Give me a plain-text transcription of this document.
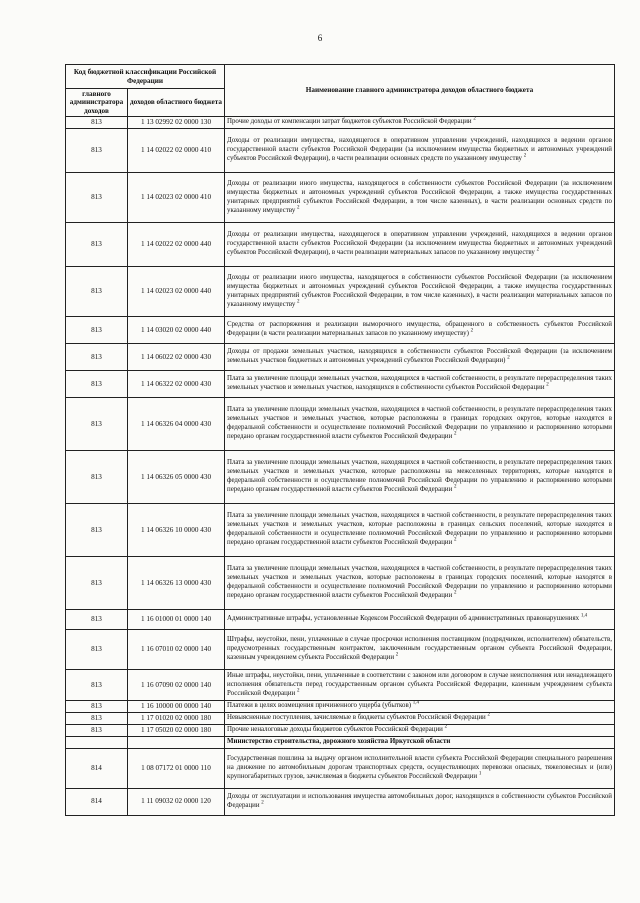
6
Код бюджетной классификации Российской Федерации		Наименование главного администратора доходов областного бюджета
главного администратора доходов	доходов областного бюджета	
813	1 13 02992 02 0000 130	Прочие доходы от компенсации затрат бюджетов субъектов Российской Федерации $^2$
813	1 14 02022 02 0000 410	Доходы от реализации имущества, находящегося в оперативном управлении учреждений, находящихся в ведении органов государственной власти субъектов Российской Федерации (за исключением имущества бюджетных и автономных учреждений субъектов Российской Федерации), в части реализации основных средств по указанному имуществу $^2$
813	1 14 02023 02 0000 410	Доходы от реализации иного имущества, находящегося в собственности субъектов Российской Федерации (за исключением имущества бюджетных и автономных учреждений субъектов Российской Федерации, а также имущества государственных унитарных предприятий субъектов Российской Федерации, в том числе казенных), в части реализации основных средств по указанному имуществу $^2$
813	1 14 02022 02 0000 440	Доходы от реализации имущества, находящегося в оперативном управлении учреждений, находящихся в ведении органов государственной власти субъектов Российской Федерации (за исключением имущества бюджетных и автономных учреждений субъектов Российской Федерации), в части реализации материальных запасов по указанному имуществу $^2$
813	1 14 02023 02 0000 440	Доходы от реализации иного имущества, находящегося в собственности субъектов Российской Федерации (за исключением имущества бюджетных и автономных учреждений субъектов Российской Федерации, а также имущества государственных унитарных предприятий субъектов Российской Федерации, в том числе казенных), в части реализации материальных запасов по указанному имуществу $^2$
813	1 14 03020 02 0000 440	Средства от распоряжения и реализации выморочного имущества, обращенного в собственность субъектов Российской Федерации (в части реализации материальных запасов по указанному имуществу) $^2$
813	1 14 06022 02 0000 430	Доходы от продажи земельных участков, находящихся в собственности субъектов Российской Федерации (за исключением земельных участков бюджетных и автономных учреждений субъектов Российской Федерации) $^2$
813	1 14 06322 02 0000 430	Плата за увеличение площади земельных участков, находящихся в частной собственности, в результате перераспределения таких земельных участков и земельных участков, находящихся в собственности субъектов Российской Федерации $^2$
813	1 14 06326 04 0000 430	Плата за увеличение площади земельных участков, находящихся в частной собственности, в результате перераспределения таких земельных участков и земельных участков, которые расположены в границах городских округов, которые находятся в федеральной собственности и осуществление полномочий Российской Федерации по управлению и распоряжению которыми передано органам государственной власти субъектов Российской Федерации $^2$
813	1 14 06326 05 0000 430	Плата за увеличение площади земельных участков, находящихся в частной собственности, в результате перераспределения таких земельных участков и земельных участков, которые расположены на межселенных территориях, которые находятся в федеральной собственности и осуществление полномочий Российской Федерации по управлению и распоряжению которыми передано органам государственной власти субъектов Российской Федерации $^2$
813	1 14 06326 10 0000 430	Плата за увеличение площади земельных участков, находящихся в частной собственности, в результате перераспределения таких земельных участков и земельных участков, которые расположены в границах сельских поселений, которые находятся в федеральной собственности и осуществление полномочий Российской Федерации по управлению и распоряжению которыми передано органам государственной власти субъектов Российской Федерации $^2$
813	1 14 06326 13 0000 430	Плата за увеличение площади земельных участков, находящихся в частной собственности, в результате перераспределения таких земельных участков и земельных участков, которые расположены в границах городских поселений, которые находятся в федеральной собственности и осуществление полномочий Российской Федерации по управлению и распоряжению которыми передано органам государственной власти субъектов Российской Федерации $^2$
813	1 16 01000 01 0000 140	Административные штрафы, установленные Кодексом Российской Федерации об административных правонарушениях $^{1,4}$
813	1 16 07010 02 0000 140	Штрафы, неустойки, пени, уплаченные в случае просрочки исполнения поставщиком (подрядчиком, исполнителем) обязательств, предусмотренных государственным контрактом, заключенным государственным органом субъекта Российской Федерации, казенным учреждением субъекта Российской Федерации $^2$
813	1 16 07090 02 0000 140	Иные штрафы, неустойки, пени, уплаченные в соответствии с законом или договором в случае неисполнения или ненадлежащего исполнения обязательств перед государственным органом субъекта Российской Федерации, казенным учреждением субъекта Российской Федерации $^2$
813	1 16 10000 00 0000 140	Платежи в целях возмещения причиненного ущерба (убытков) $^{1,4}$
813	1 17 01020 02 0000 180	Невыясненные поступления, зачисляемые в бюджеты субъектов Российской Федерации $^2$
813	1 17 05020 02 0000 180	Прочие неналоговые доходы бюджетов субъектов Российской Федерации $^2$
		Министерство строительства, дорожного хозяйства Иркутской области
814	1 08 07172 01 0000 110	Государственная пошлина за выдачу органом исполнительной власти субъекта Российской Федерации специального разрешения на движение по автомобильным дорогам транспортных средств, осуществляющих перевозки опасных, тяжеловесных и (или) крупногабаритных грузов, зачисляемая в бюджеты субъектов Российской Федерации $^1$
814	1 11 09032 02 0000 120	Доходы от эксплуатации и использования имущества автомобильных дорог, находящихся в собственности субъектов Российской Федерации $^2$
